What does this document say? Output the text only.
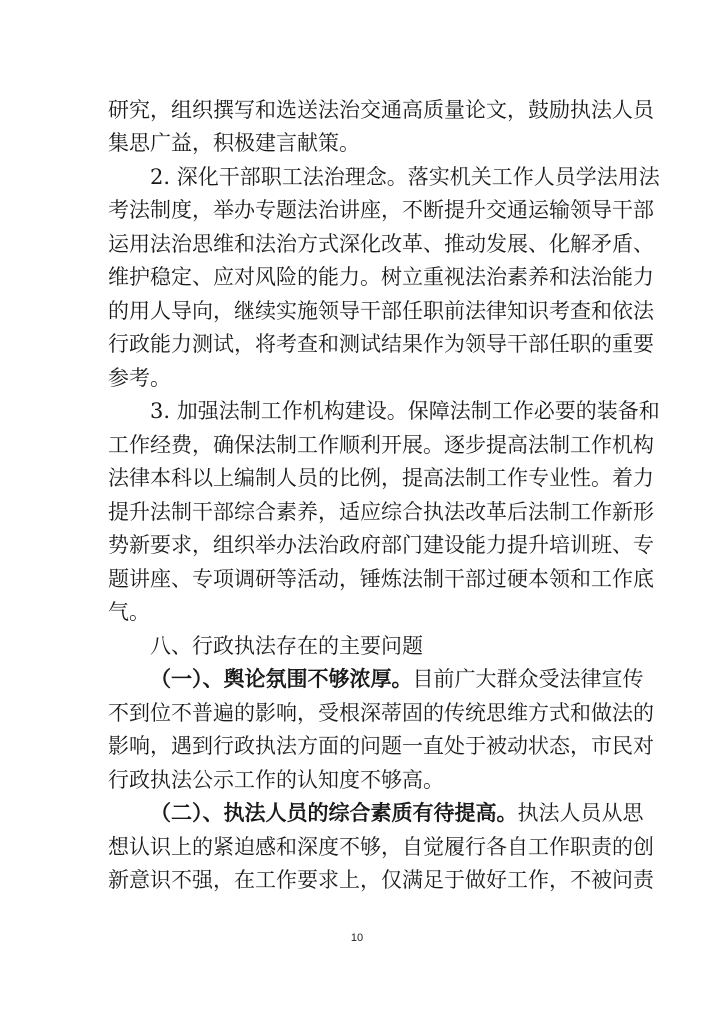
研究，组织撰写和选送法治交通高质量论文，鼓励执法人员
集思广益，积极建言献策。
2. 深化干部职工法治理念。落实机关工作人员学法用法
考法制度，举办专题法治讲座，不断提升交通运输领导干部
运用法治思维和法治方式深化改革、推动发展、化解矛盾、
维护稳定、应对风险的能力。树立重视法治素养和法治能力
的用人导向，继续实施领导干部任职前法律知识考查和依法
行政能力测试，将考查和测试结果作为领导干部任职的重要
参考。
3. 加强法制工作机构建设。保障法制工作必要的装备和
工作经费，确保法制工作顺利开展。逐步提高法制工作机构
法律本科以上编制人员的比例，提高法制工作专业性。着力
提升法制干部综合素养，适应综合执法改革后法制工作新形
势新要求，组织举办法治政府部门建设能力提升培训班、专
题讲座、专项调研等活动，锤炼法制干部过硬本领和工作底
气。
八、行政执法存在的主要问题
（一）、舆论氛围不够浓厚。目前广大群众受法律宣传
不到位不普遍的影响，受根深蒂固的传统思维方式和做法的
影响，遇到行政执法方面的问题一直处于被动状态，市民对
行政执法公示工作的认知度不够高。
（二）、执法人员的综合素质有待提高。执法人员从思
想认识上的紧迫感和深度不够，自觉履行各自工作职责的创
新意识不强，在工作要求上，仅满足于做好工作，不被问责
10
